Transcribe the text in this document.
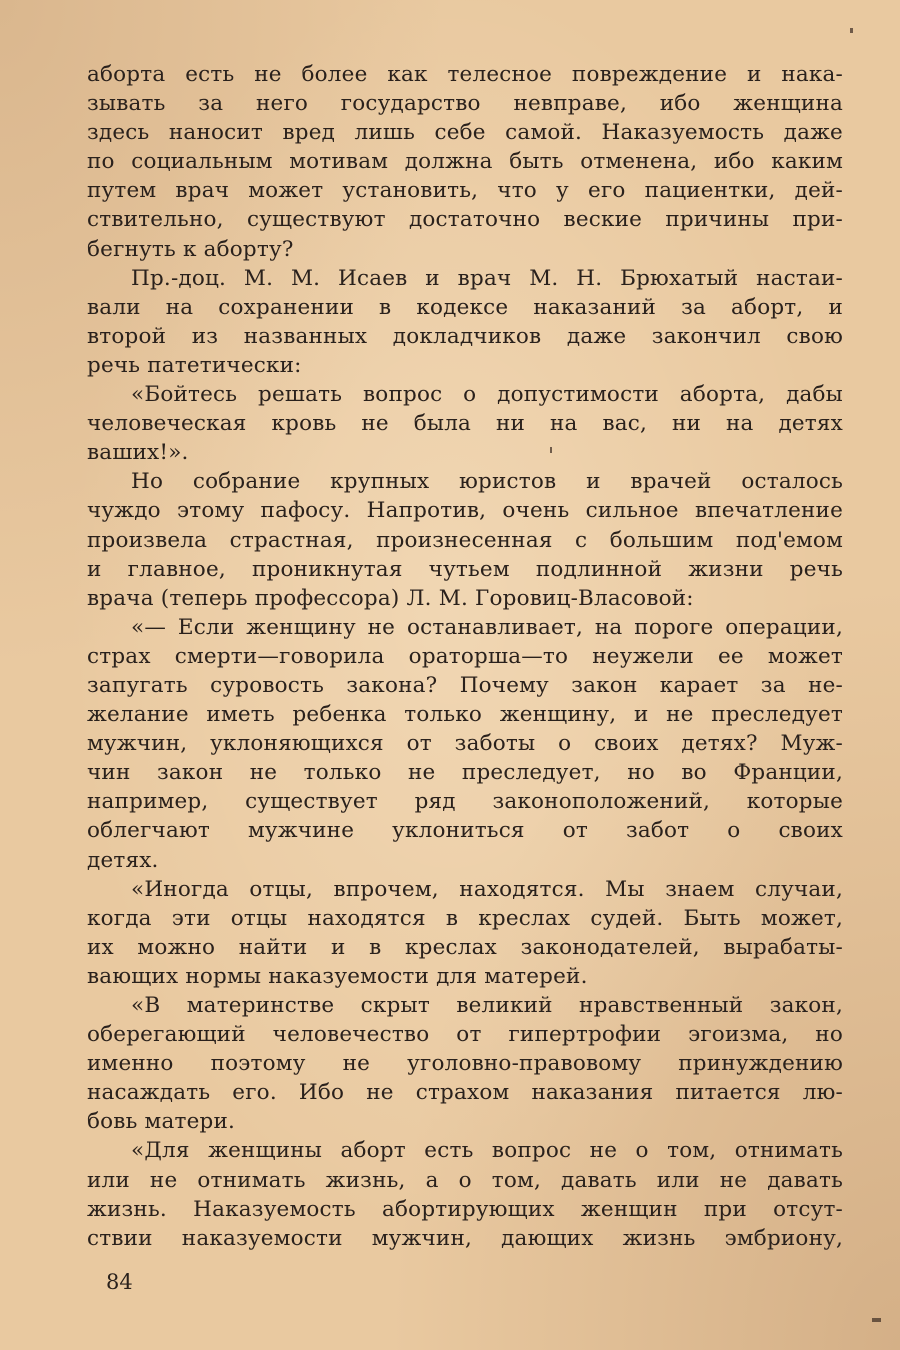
аборта есть не более как телесное повреждение и нака-
зывать за него государство невправе, ибо женщина
здесь наносит вред лишь себе самой. Наказуемость даже
по социальным мотивам должна быть отменена, ибо каким
путем врач может установить, что у его пациентки, дей-
ствительно, существуют достаточно веские причины при-
бегнуть к аборту?
Пр.-доц. М. М. Исаев и врач М. Н. Брюхатый настаи-
вали на сохранении в кодексе наказаний за аборт, и
второй из названных докладчиков даже закончил свою
речь патетически:
«Бойтесь решать вопрос о допустимости аборта, дабы
человеческая кровь не была ни на вас, ни на детях
ваших!».
Но собрание крупных юристов и врачей осталось
чуждо этому пафосу. Напротив, очень сильное впечатление
произвела страстная, произнесенная с большим под'емом
и главное, проникнутая чутьем подлинной жизни речь
врача (теперь профессора) Л. М. Горовиц-Власовой:
«— Если женщину не останавливает, на пороге операции,
страх смерти—говорила ораторша—то неужели ее может
запугать суровость закона? Почему закон карает за не-
желание иметь ребенка только женщину, и не преследует
мужчин, уклоняющихся от заботы о своих детях? Муж-
чин закон не только не преследует, но во Франции,
например, существует ряд законоположений, которые
облегчают мужчине уклониться от забот о своих
детях.
«Иногда отцы, впрочем, находятся. Мы знаем случаи,
когда эти отцы находятся в креслах судей. Быть может,
их можно найти и в креслах законодателей, вырабаты-
вающих нормы наказуемости для матерей.
«В материнстве скрыт великий нравственный закон,
оберегающий человечество от гипертрофии эгоизма, но
именно поэтому не уголовно-правовому принуждению
насаждать его. Ибо не страхом наказания питается лю-
бовь матери.
«Для женщины аборт есть вопрос не о том, отнимать
или не отнимать жизнь, а о том, давать или не давать
жизнь. Наказуемость абортирующих женщин при отсут-
ствии наказуемости мужчин, дающих жизнь эмбриону,
84
